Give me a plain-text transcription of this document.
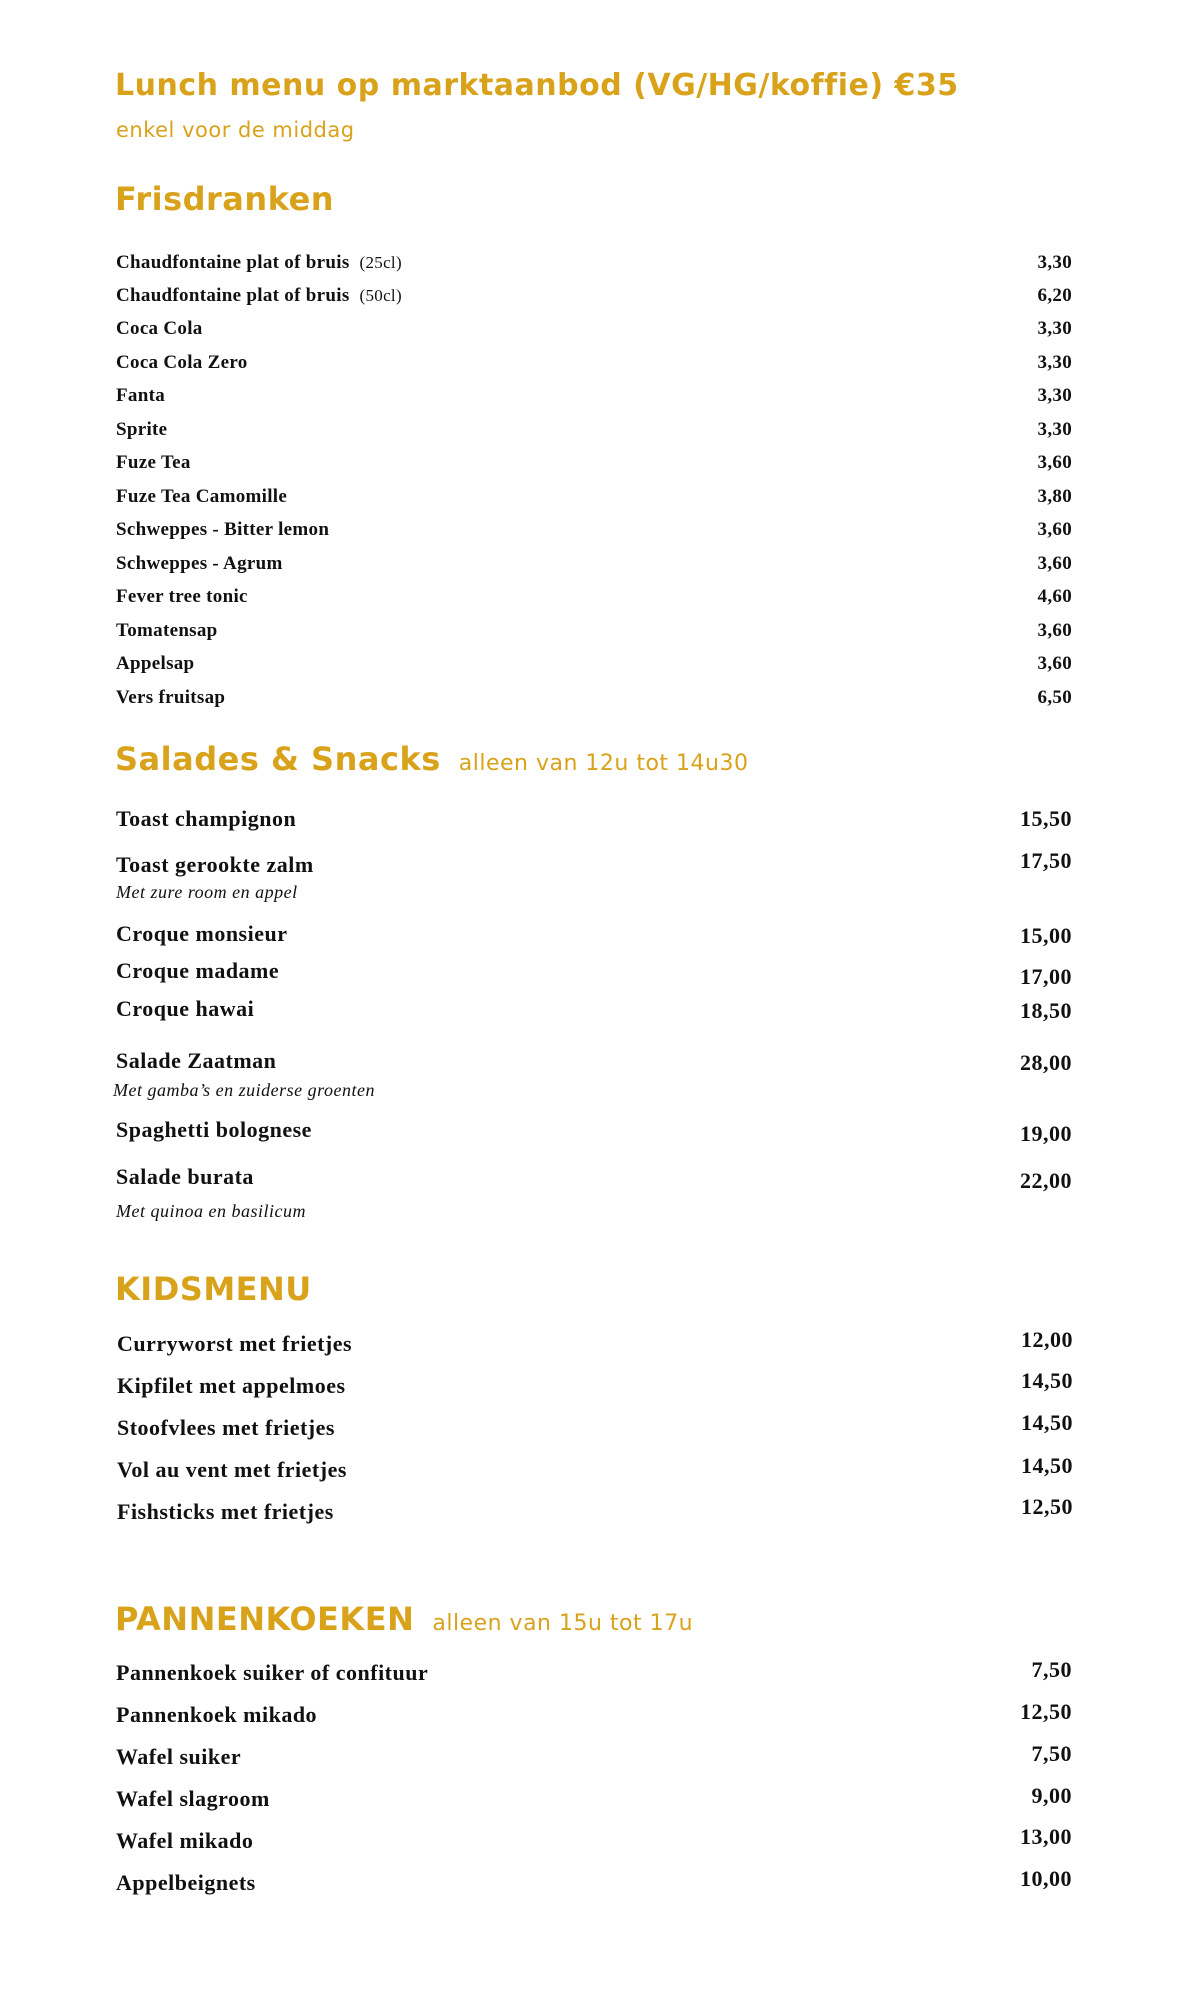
Lunch menu op marktaanbod (VG/HG/koffie) €35
enkel voor de middag
Frisdranken
Chaudfontaine plat of bruis (25cl)	3,30
Chaudfontaine plat of bruis (50cl)	6,20
Coca Cola	3,30
Coca Cola Zero	3,30
Fanta	3,30
Sprite	3,30
Fuze Tea	3,60
Fuze Tea Camomille	3,80
Schweppes - Bitter lemon	3,60
Schweppes - Agrum	3,60
Fever tree tonic	4,60
Tomatensap	3,60
Appelsap	3,60
Vers fruitsap	6,50
Salades & Snacks alleen van 12u tot 14u30
Toast champignon	15,50
Toast gerookte zalm	17,50
Met zure room en appel
Croque monsieur	15,00
Croque madame	17,00
Croque hawai	18,50
Salade Zaatman	28,00
Met gamba’s en zuiderse groenten
Spaghetti bolognese	19,00
Salade burata	22,00
Met quinoa en basilicum
KIDSMENU
Curryworst met frietjes	12,00
Kipfilet met appelmoes	14,50
Stoofvlees met frietjes	14,50
Vol au vent met frietjes	14,50
Fishsticks met frietjes	12,50
PANNENKOEKEN alleen van 15u tot 17u
Pannenkoek suiker of confituur	7,50
Pannenkoek mikado	12,50
Wafel suiker	7,50
Wafel slagroom	9,00
Wafel mikado	13,00
Appelbeignets	10,00
